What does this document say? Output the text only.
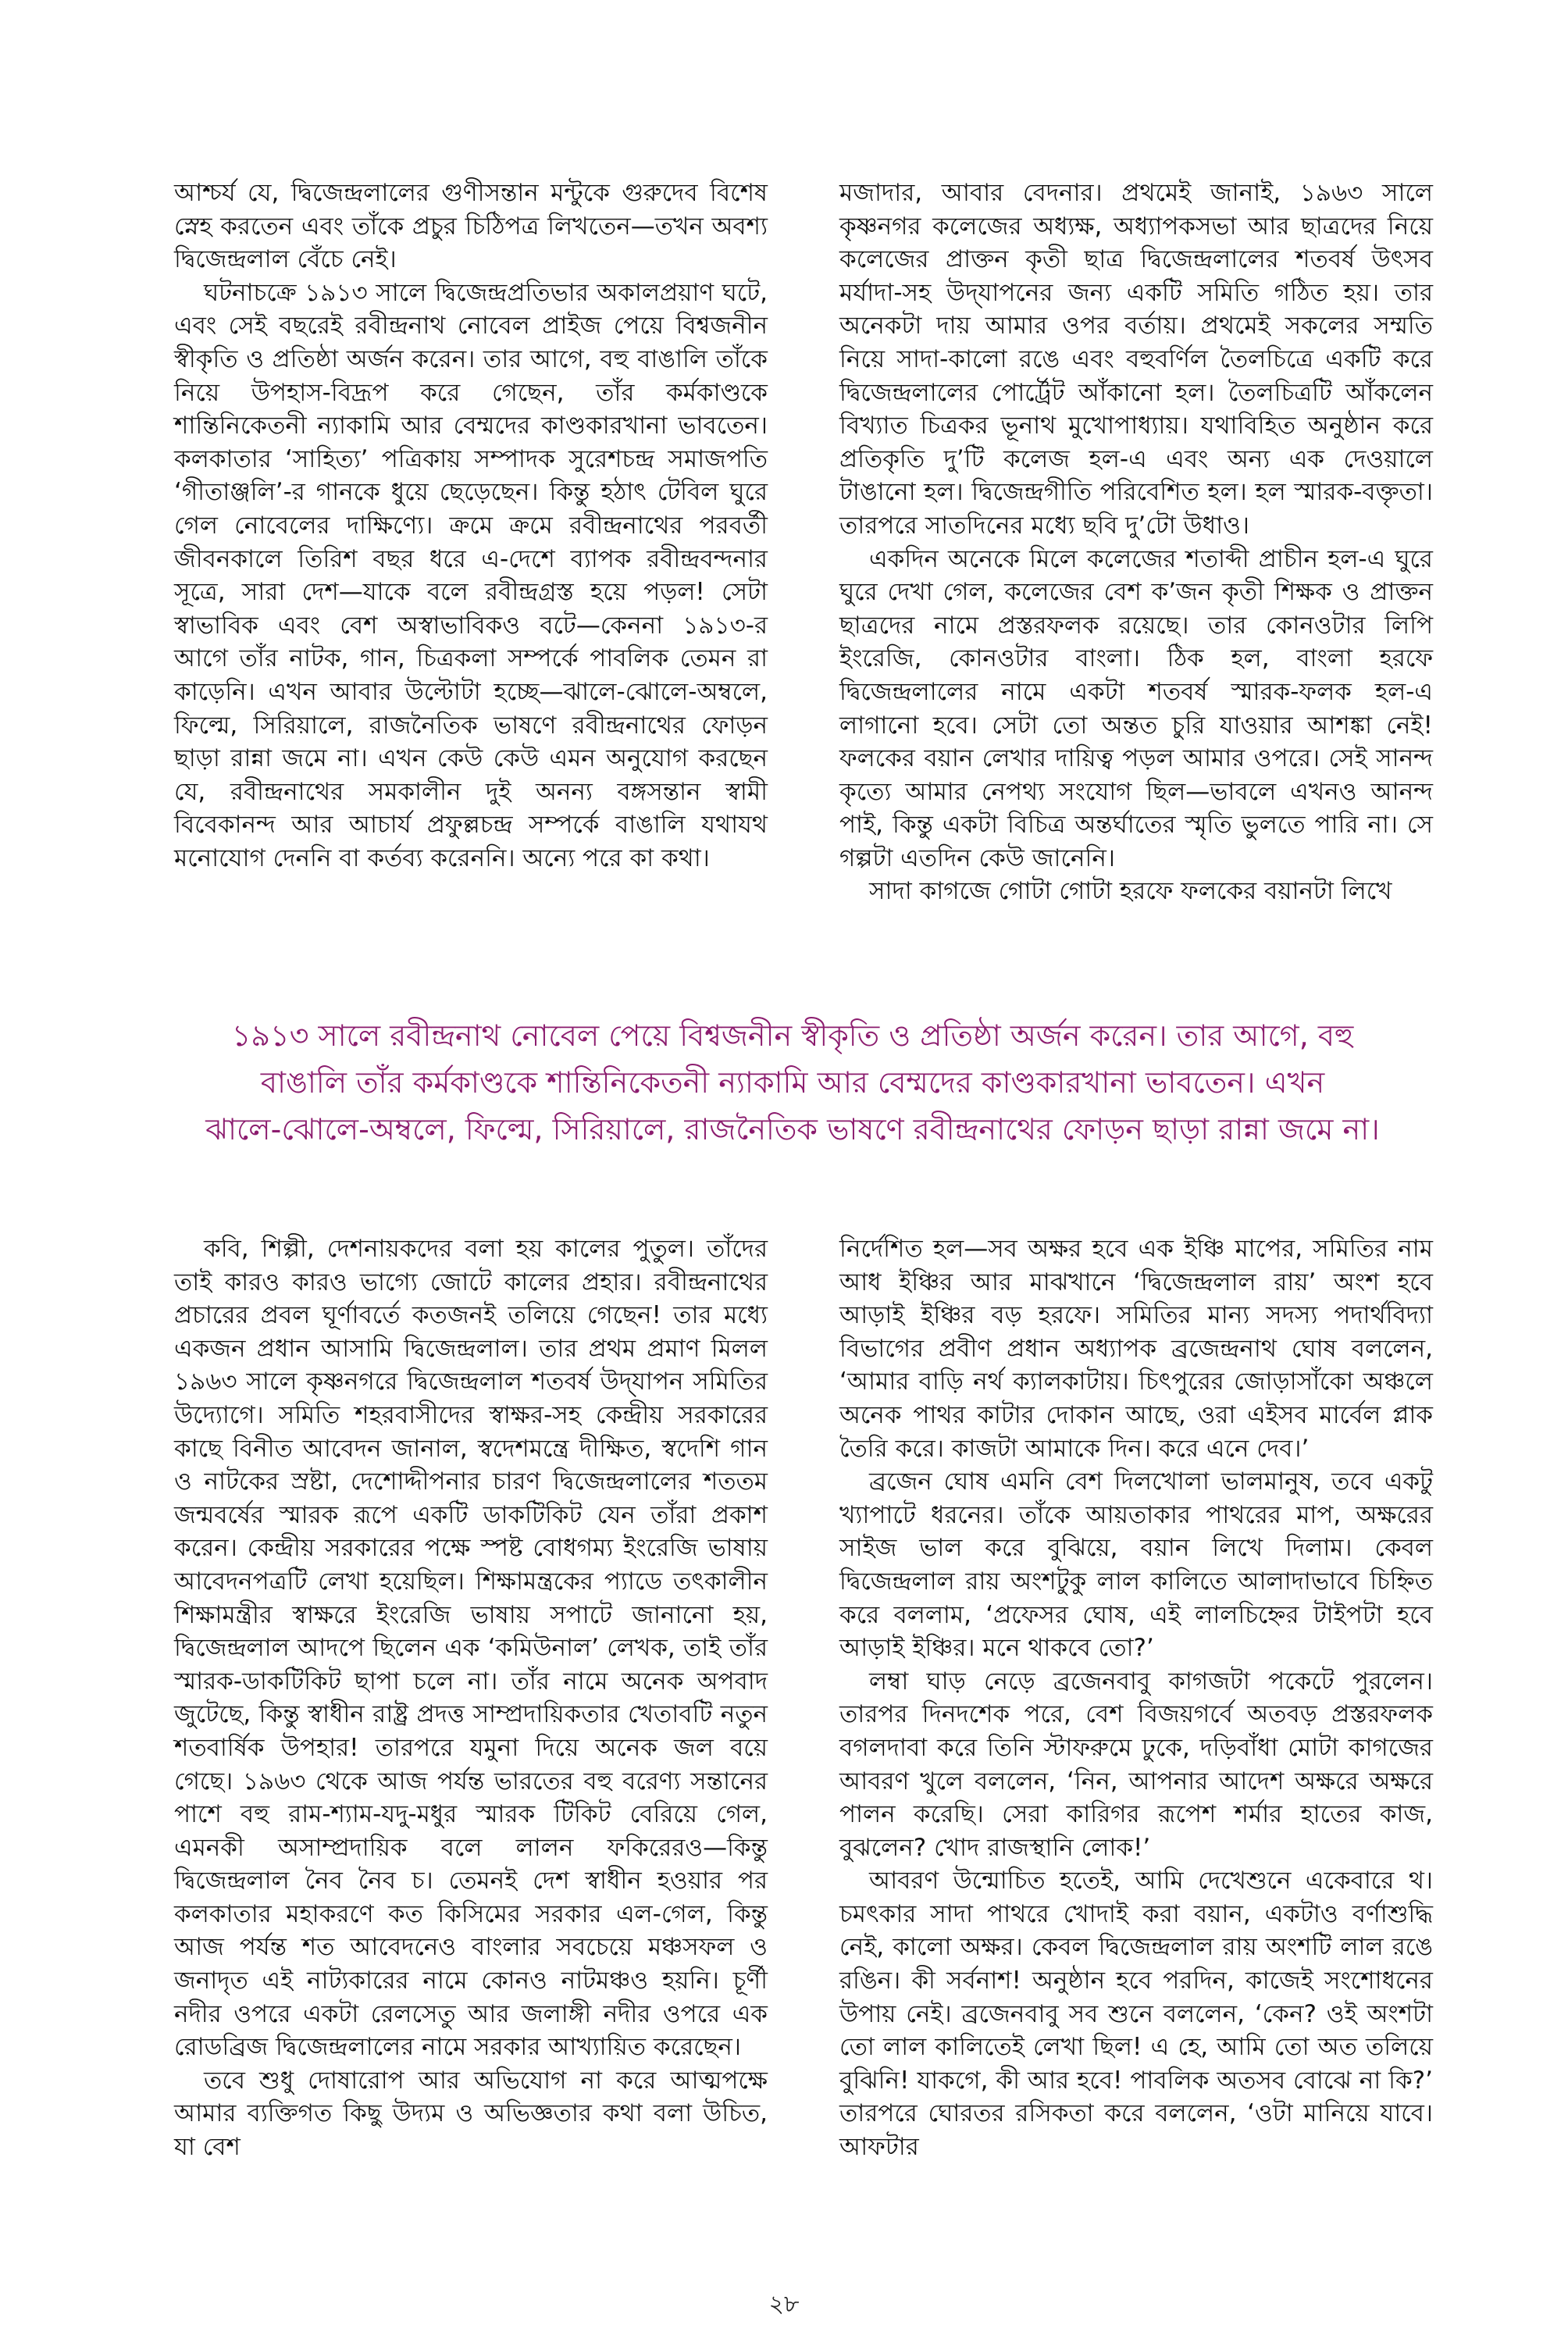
আশ্চর্য যে, দ্বিজেন্দ্রলালের গুণীসন্তান মন্টুকে গুরুদেব বিশেষ স্নেহ করতেন এবং তাঁকে প্রচুর চিঠিপত্র লিখতেন—তখন অবশ্য দ্বিজেন্দ্রলাল বেঁচে নেই।

ঘটনাচক্রে ১৯১৩ সালে দ্বিজেন্দ্রপ্রতিভার অকালপ্রয়াণ ঘটে, এবং সেই বছরেই রবীন্দ্রনাথ নোবেল প্রাইজ পেয়ে বিশ্বজনীন স্বীকৃতি ও প্রতিষ্ঠা অর্জন করেন। তার আগে, বহু বাঙালি তাঁকে নিয়ে উপহাস-বিদ্রূপ করে গেছেন, তাঁর কর্মকাণ্ডকে শান্তিনিকেতনী ন্যাকামি আর বেম্মদের কাণ্ডকারখানা ভাবতেন। কলকাতার ‘সাহিত্য’ পত্রিকায় সম্পাদক সুরেশচন্দ্র সমাজপতি ‘গীতাঞ্জলি’-র গানকে ধুয়ে ছেড়েছেন। কিন্তু হঠাৎ টেবিল ঘুরে গেল নোবেলের দাক্ষিণ্যে। ক্রমে ক্রমে রবীন্দ্রনাথের পরবর্তী জীবনকালে তিরিশ বছর ধরে এ-দেশে ব্যাপক রবীন্দ্রবন্দনার সূত্রে, সারা দেশ—যাকে বলে রবীন্দ্রগ্রস্ত হয়ে পড়ল! সেটা স্বাভাবিক এবং বেশ অস্বাভাবিকও বটে—কেননা ১৯১৩-র আগে তাঁর নাটক, গান, চিত্রকলা সম্পর্কে পাবলিক তেমন রা কাড়েনি। এখন আবার উল্টোটা হচ্ছে—ঝালে-ঝোলে-অম্বলে, ফিল্মে, সিরিয়ালে, রাজনৈতিক ভাষণে রবীন্দ্রনাথের ফোড়ন ছাড়া রান্না জমে না। এখন কেউ কেউ এমন অনুযোগ করছেন যে, রবীন্দ্রনাথের সমকালীন দুই অনন্য বঙ্গসন্তান স্বামী বিবেকানন্দ আর আচার্য প্রফুল্লচন্দ্র সম্পর্কে বাঙালি যথাযথ মনোযোগ দেননি বা কর্তব্য করেননি। অন্যে পরে কা কথা।

মজাদার, আবার বেদনার। প্রথমেই জানাই, ১৯৬৩ সালে কৃষ্ণনগর কলেজের অধ্যক্ষ, অধ্যাপকসভা আর ছাত্রদের নিয়ে কলেজের প্রাক্তন কৃতী ছাত্র দ্বিজেন্দ্রলালের শতবর্ষ উৎসব মর্যাদা-সহ উদ্‌যাপনের জন্য একটি সমিতি গঠিত হয়। তার অনেকটা দায় আমার ওপর বর্তায়। প্রথমেই সকলের সম্মতি নিয়ে সাদা-কালো রঙে এবং বহুবর্ণিল তৈলচিত্রে একটি করে দ্বিজেন্দ্রলালের পোর্ট্রেট আঁকানো হল। তৈলচিত্রটি আঁকলেন বিখ্যাত চিত্রকর ভূনাথ মুখোপাধ্যায়। যথাবিহিত অনুষ্ঠান করে প্রতিকৃতি দু’টি কলেজ হল-এ এবং অন্য এক দেওয়ালে টাঙানো হল। দ্বিজেন্দ্রগীতি পরিবেশিত হল। হল স্মারক-বক্তৃতা। তারপরে সাতদিনের মধ্যে ছবি দু’টো উধাও।

একদিন অনেকে মিলে কলেজের শতাব্দী প্রাচীন হল-এ ঘুরে ঘুরে দেখা গেল, কলেজের বেশ ক’জন কৃতী শিক্ষক ও প্রাক্তন ছাত্রদের নামে প্রস্তরফলক রয়েছে। তার কোনওটার লিপি ইংরেজি, কোনওটার বাংলা। ঠিক হল, বাংলা হরফে দ্বিজেন্দ্রলালের নামে একটা শতবর্ষ স্মারক-ফলক হল-এ লাগানো হবে। সেটা তো অন্তত চুরি যাওয়ার আশঙ্কা নেই! ফলকের বয়ান লেখার দায়িত্ব পড়ল আমার ওপরে। সেই সানন্দ কৃত্যে আমার নেপথ্য সংযোগ ছিল—ভাবলে এখনও আনন্দ পাই, কিন্তু একটা বিচিত্র অন্তর্ঘাতের স্মৃতি ভুলতে পারি না। সে গল্পটা এতদিন কেউ জানেনি।

সাদা কাগজে গোটা গোটা হরফে ফলকের বয়ানটা লিখে

১৯১৩ সালে রবীন্দ্রনাথ নোবেল পেয়ে বিশ্বজনীন স্বীকৃতি ও প্রতিষ্ঠা অর্জন করেন। তার আগে, বহু
বাঙালি তাঁর কর্মকাণ্ডকে শান্তিনিকেতনী ন্যাকামি আর বেম্মদের কাণ্ডকারখানা ভাবতেন। এখন
ঝালে-ঝোলে-অম্বলে, ফিল্মে, সিরিয়ালে, রাজনৈতিক ভাষণে রবীন্দ্রনাথের ফোড়ন ছাড়া রান্না জমে না।

কবি, শিল্পী, দেশনায়কদের বলা হয় কালের পুতুল। তাঁদের তাই কারও কারও ভাগ্যে জোটে কালের প্রহার। রবীন্দ্রনাথের প্রচারের প্রবল ঘূর্ণাবর্তে কতজনই তলিয়ে গেছেন! তার মধ্যে একজন প্রধান আসামি দ্বিজেন্দ্রলাল। তার প্রথম প্রমাণ মিলল ১৯৬৩ সালে কৃষ্ণনগরে দ্বিজেন্দ্রলাল শতবর্ষ উদ্‌যাপন সমিতির উদ্যোগে। সমিতি শহরবাসীদের স্বাক্ষর-সহ কেন্দ্রীয় সরকারের কাছে বিনীত আবেদন জানাল, স্বদেশমন্ত্রে দীক্ষিত, স্বদেশি গান ও নাটকের স্রষ্টা, দেশোদ্দীপনার চারণ দ্বিজেন্দ্রলালের শততম জন্মবর্ষের স্মারক রূপে একটি ডাকটিকিট যেন তাঁরা প্রকাশ করেন। কেন্দ্রীয় সরকারের পক্ষে স্পষ্ট বোধগম্য ইংরেজি ভাষায় আবেদনপত্রটি লেখা হয়েছিল। শিক্ষামন্ত্রকের প্যাডে তৎকালীন শিক্ষামন্ত্রীর স্বাক্ষরে ইংরেজি ভাষায় সপাটে জানানো হয়, দ্বিজেন্দ্রলাল আদপে ছিলেন এক ‘কমিউনাল’ লেখক, তাই তাঁর স্মারক-ডাকটিকিট ছাপা চলে না। তাঁর নামে অনেক অপবাদ জুটেছে, কিন্তু স্বাধীন রাষ্ট্র প্রদত্ত সাম্প্রদায়িকতার খেতাবটি নতুন শতবার্ষিক উপহার! তারপরে যমুনা দিয়ে অনেক জল বয়ে গেছে। ১৯৬৩ থেকে আজ পর্যন্ত ভারতের বহু বরেণ্য সন্তানের পাশে বহু রাম-শ্যাম-যদু-মধুর স্মারক টিকিট বেরিয়ে গেল, এমনকী অসাম্প্রদায়িক বলে লালন ফকিরেরও—কিন্তু দ্বিজেন্দ্রলাল নৈব নৈব চ। তেমনই দেশ স্বাধীন হওয়ার পর কলকাতার মহাকরণে কত কিসিমের সরকার এল-গেল, কিন্তু আজ পর্যন্ত শত আবেদনেও বাংলার সবচেয়ে মঞ্চসফল ও জনাদৃত এই নাট্যকারের নামে কোনও নাটমঞ্চও হয়নি। চূর্ণী নদীর ওপরে একটা রেলসেতু আর জলাঙ্গী নদীর ওপরে এক রোডব্রিজ দ্বিজেন্দ্রলালের নামে সরকার আখ্যায়িত করেছেন।

তবে শুধু দোষারোপ আর অভিযোগ না করে আত্মপক্ষে আমার ব্যক্তিগত কিছু উদ্যম ও অভিজ্ঞতার কথা বলা উচিত, যা বেশ

নির্দেশিত হল—সব অক্ষর হবে এক ইঞ্চি মাপের, সমিতির নাম আধ ইঞ্চির আর মাঝখানে ‘দ্বিজেন্দ্রলাল রায়’ অংশ হবে আড়াই ইঞ্চির বড় হরফে। সমিতির মান্য সদস্য পদার্থবিদ্যা বিভাগের প্রবীণ প্রধান অধ্যাপক ব্রজেন্দ্রনাথ ঘোষ বললেন, ‘আমার বাড়ি নর্থ ক্যালকাটায়। চিৎপুরের জোড়াসাঁকো অঞ্চলে অনেক পাথর কাটার দোকান আছে, ওরা এইসব মার্বেল প্লাক তৈরি করে। কাজটা আমাকে দিন। করে এনে দেব।’

ব্রজেন ঘোষ এমনি বেশ দিলখোলা ভালমানুষ, তবে একটু খ্যাপাটে ধরনের। তাঁকে আয়তাকার পাথরের মাপ, অক্ষরের সাইজ ভাল করে বুঝিয়ে, বয়ান লিখে দিলাম। কেবল দ্বিজেন্দ্রলাল রায় অংশটুকু লাল কালিতে আলাদাভাবে চিহ্নিত করে বললাম, ‘প্রফেসর ঘোষ, এই লালচিহ্নের টাইপটা হবে আড়াই ইঞ্চির। মনে থাকবে তো?’

লম্বা ঘাড় নেড়ে ব্রজেনবাবু কাগজটা পকেটে পুরলেন। তারপর দিনদশেক পরে, বেশ বিজয়গর্বে অতবড় প্রস্তরফলক বগলদাবা করে তিনি স্টাফরুমে ঢুকে, দড়িবাঁধা মোটা কাগজের আবরণ খুলে বললেন, ‘নিন, আপনার আদেশ অক্ষরে অক্ষরে পালন করেছি। সেরা কারিগর রূপেশ শর্মার হাতের কাজ, বুঝলেন? খোদ রাজস্থানি লোক!’

আবরণ উন্মোচিত হতেই, আমি দেখেশুনে একেবারে থ। চমৎকার সাদা পাথরে খোদাই করা বয়ান, একটাও বর্ণাশুদ্ধি নেই, কালো অক্ষর। কেবল দ্বিজেন্দ্রলাল রায় অংশটি লাল রঙে রঙিন। কী সর্বনাশ! অনুষ্ঠান হবে পরদিন, কাজেই সংশোধনের উপায় নেই। ব্রজেনবাবু সব শুনে বললেন, ‘কেন? ওই অংশটা তো লাল কালিতেই লেখা ছিল! এ হে, আমি তো অত তলিয়ে বুঝিনি! যাকগে, কী আর হবে! পাবলিক অতসব বোঝে না কি?’ তারপরে ঘোরতর রসিকতা করে বললেন, ‘ওটা মানিয়ে যাবে। আফটার

২৮
